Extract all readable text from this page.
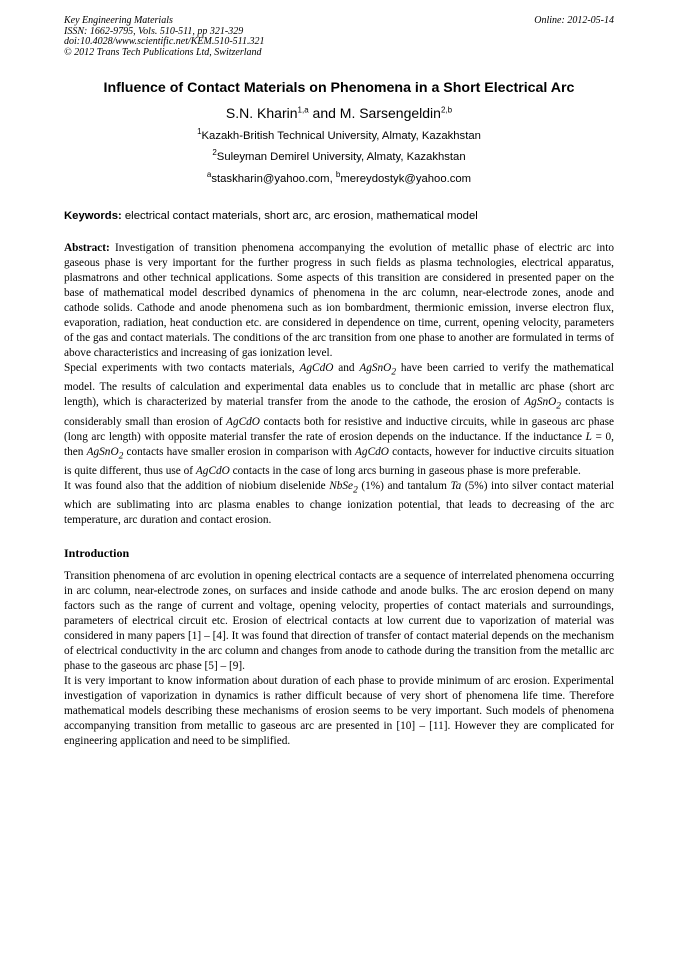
Key Engineering Materials
ISSN: 1662-9795, Vols. 510-511, pp 321-329
doi:10.4028/www.scientific.net/KEM.510-511.321
© 2012 Trans Tech Publications Ltd, Switzerland
Online: 2012-05-14
Influence of Contact Materials on Phenomena in a Short Electrical Arc
S.N. Kharin$^{1,a}$ and M. Sarsengeldin$^{2,b}$
$^1$Kazakh-British Technical University, Almaty, Kazakhstan
$^2$Suleyman Demirel University, Almaty, Kazakhstan
$^a$staskharin@yahoo.com, $^b$mereydostyk@yahoo.com
Keywords: electrical contact materials, short arc, arc erosion, mathematical model

Abstract: Investigation of transition phenomena accompanying the evolution of metallic phase of electric arc into gaseous phase is very important for the further progress in such fields as plasma technologies, electrical apparatus, plasmatrons and other technical applications. Some aspects of this transition are considered in presented paper on the base of mathematical model described dynamics of phenomena in the arc column, near-electrode zones, anode and cathode solids. Cathode and anode phenomena such as ion bombardment, thermionic emission, inverse electron flux, evaporation, radiation, heat conduction etc. are considered in dependence on time, current, opening velocity, parameters of the gas and contact materials. The conditions of the arc transition from one phase to another are formulated in terms of above characteristics and increasing of gas ionization level.

Special experiments with two contacts materials, AgCdO and AgSnO$_2$ have been carried to verify the mathematical model. The results of calculation and experimental data enables us to conclude that in metallic arc phase (short arc length), which is characterized by material transfer from the anode to the cathode, the erosion of AgSnO$_2$ contacts is considerably small than erosion of AgCdO contacts both for resistive and inductive circuits, while in gaseous arc phase (long arc length) with opposite material transfer the rate of erosion depends on the inductance. If the inductance L = 0, then AgSnO$_2$ contacts have smaller erosion in comparison with AgCdO contacts, however for inductive circuits situation is quite different, thus use of AgCdO contacts in the case of long arcs burning in gaseous phase is more preferable.

It was found also that the addition of niobium diselenide NbSe$_2$ (1%) and tantalum Ta (5%) into silver contact material which are sublimating into arc plasma enables to change ionization potential, that leads to decreasing of the arc temperature, arc duration and contact erosion.

Introduction

Transition phenomena of arc evolution in opening electrical contacts are a sequence of interrelated phenomena occurring in arc column, near-electrode zones, on surfaces and inside cathode and anode bulks. The arc erosion depend on many factors such as the range of current and voltage, opening velocity, properties of contact materials and surroundings, parameters of electrical circuit etc. Erosion of electrical contacts at low current due to vaporization of material was considered in many papers [1] – [4]. It was found that direction of transfer of contact material depends on the mechanism of electrical conductivity in the arc column and changes from anode to cathode during the transition from the metallic arc phase to the gaseous arc phase [5] – [9].

It is very important to know information about duration of each phase to provide minimum of arc erosion. Experimental investigation of vaporization in dynamics is rather difficult because of very short of phenomena life time. Therefore mathematical models describing these mechanisms of erosion seems to be very important. Such models of phenomena accompanying transition from metallic to gaseous arc are presented in [10] – [11]. However they are complicated for engineering application and need to be simplified.
